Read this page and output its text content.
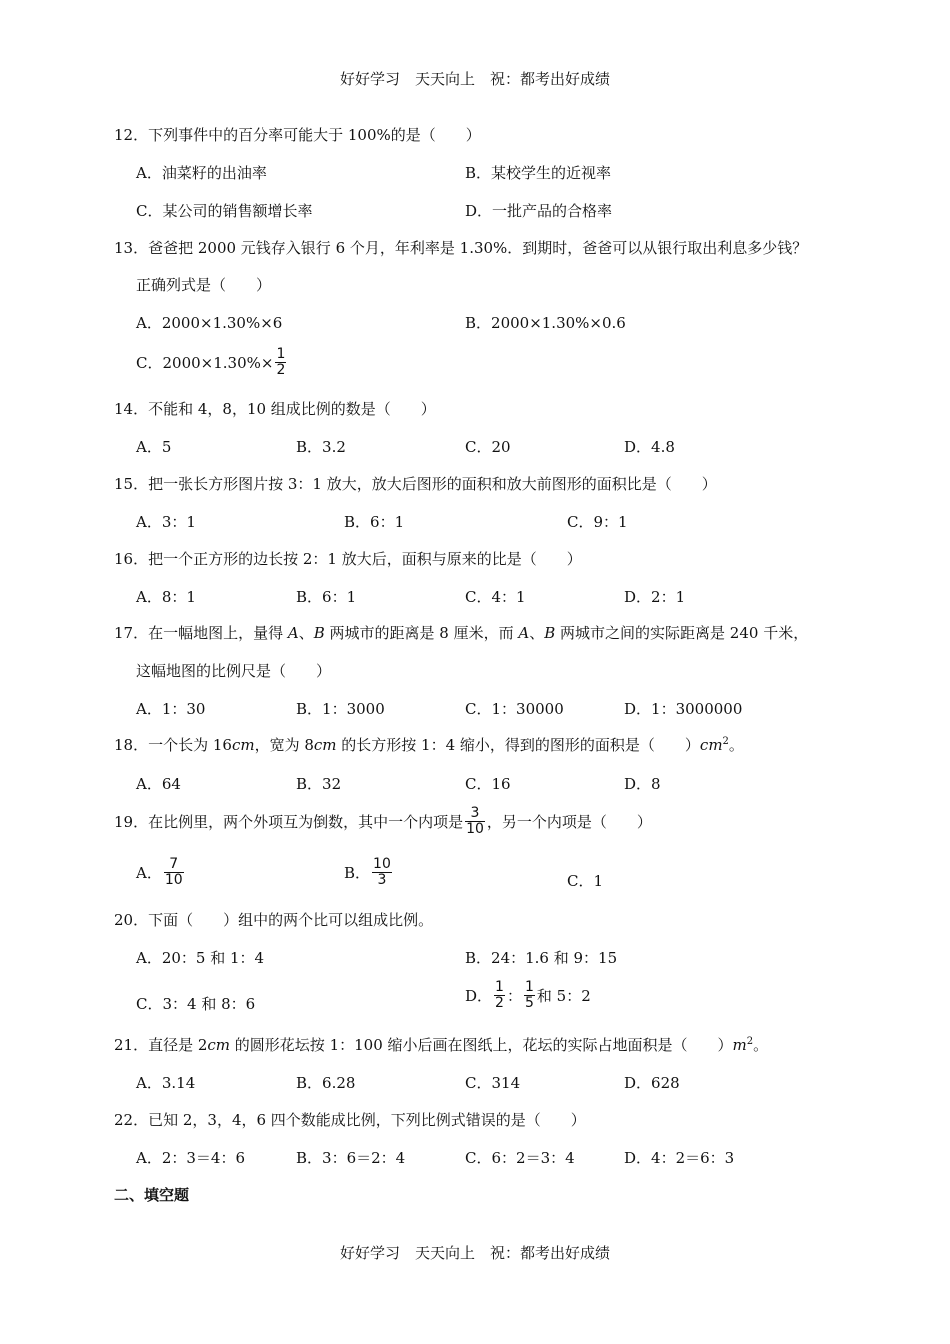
好好学习　天天向上　祝：都考出好成绩
12．下列事件中的百分率可能大于 100%的是（　　）
A．油菜籽的出油率	B．某校学生的近视率
C．某公司的销售额增长率	D．一批产品的合格率
13．爸爸把 2000 元钱存入银行 6 个月，年利率是 1.30%．到期时，爸爸可以从银行取出利息多少钱？
正确列式是（　　）
A．2000×1.30%×6	B．2000×1.30%×0.6
C．$2000\times 1.30\%\times \frac{1}{2}$
14．不能和 4，8，10 组成比例的数是（　　）
A．5	B．3.2	C．20	D．4.8
15．把一张长方形图片按 3：1 放大，放大后图形的面积和放大前图形的面积比是（　　）
A．3：1	B．6：1	C．9：1
16．把一个正方形的边长按 2：1 放大后，面积与原来的比是（　　）
A．8：1	B．6：1	C．4：1	D．2：1
17．在一幅地图上，量得 A、B 两城市的距离是 8 厘米，而 A、B 两城市之间的实际距离是 240 千米，
这幅地图的比例尺是（　　）
A．1：30	B．1：3000	C．1：30000	D．1：3000000
18．一个长为 16cm，宽为 8cm 的长方形按 1：4 缩小，得到的图形的面积是（　　）$cm^2$。
A．64	B．32	C．16	D．8
19．在比例里，两个外项互为倒数，其中一个内项是 $\frac{3}{10}$ ，另一个内项是（　　）
A． $\frac{7}{10}$	B． $\frac{10}{3}$	C．1
20．下面（　　）组中的两个比可以组成比例。
A．20：5 和 1：4	B．24：1.6 和 9：15
C．3：4 和 8：6	D． $\frac{1}{2}$ ： $\frac{1}{5}$ 和 5：2
21．直径是 2cm 的圆形花坛按 1：100 缩小后画在图纸上，花坛的实际占地面积是（　　）$m^2$。
A．3.14	B．6.28	C．314	D．628
22．已知 2，3，4，6 四个数能成比例，下列比例式错误的是（　　）
A．2：3＝4：6	B．3：6＝2：4	C．6：2＝3：4	D．4：2＝6：3
二、填空题
好好学习　天天向上　祝：都考出好成绩
